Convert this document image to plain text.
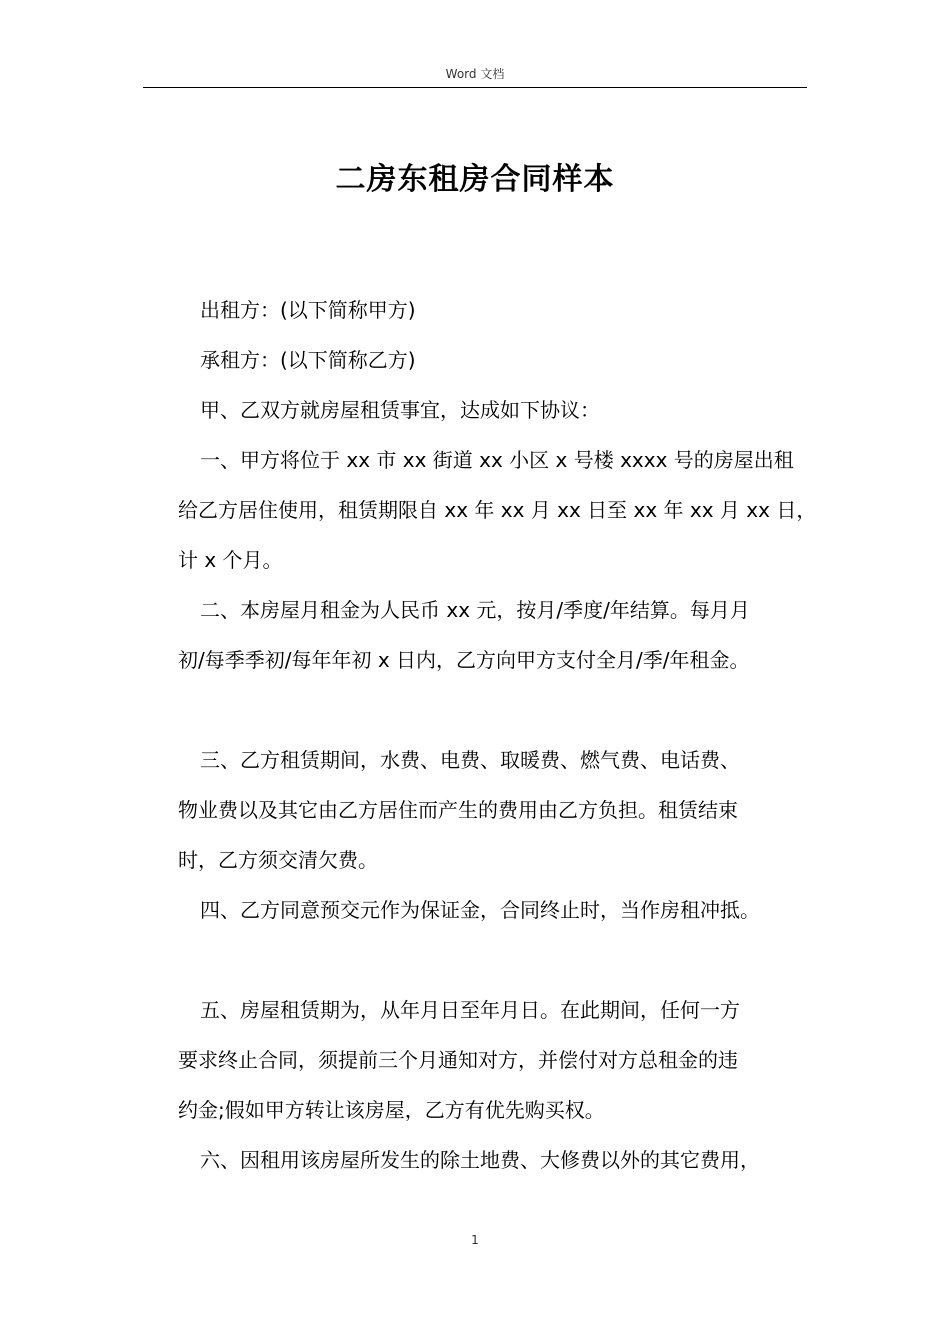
Word 文档
二房东租房合同样本

出租方：(以下简称甲方)

承租方：(以下简称乙方)

甲、乙双方就房屋租赁事宜，达成如下协议：

一、甲方将位于 xx 市 xx 街道 xx 小区 x 号楼 xxxx 号的房屋出租

给乙方居住使用，租赁期限自 xx 年 xx 月 xx 日至 xx 年 xx 月 xx 日，

计 x 个月。

二、本房屋月租金为人民币 xx 元，按月/季度/年结算。每月月

初/每季季初/每年年初 x 日内，乙方向甲方支付全月/季/年租金。

三、乙方租赁期间，水费、电费、取暖费、燃气费、电话费、

物业费以及其它由乙方居住而产生的费用由乙方负担。租赁结束

时，乙方须交清欠费。

四、乙方同意预交元作为保证金，合同终止时，当作房租冲抵。

五、房屋租赁期为，从年月日至年月日。在此期间，任何一方

要求终止合同，须提前三个月通知对方，并偿付对方总租金的违

约金;假如甲方转让该房屋，乙方有优先购买权。

六、因租用该房屋所发生的除土地费、大修费以外的其它费用，

1
